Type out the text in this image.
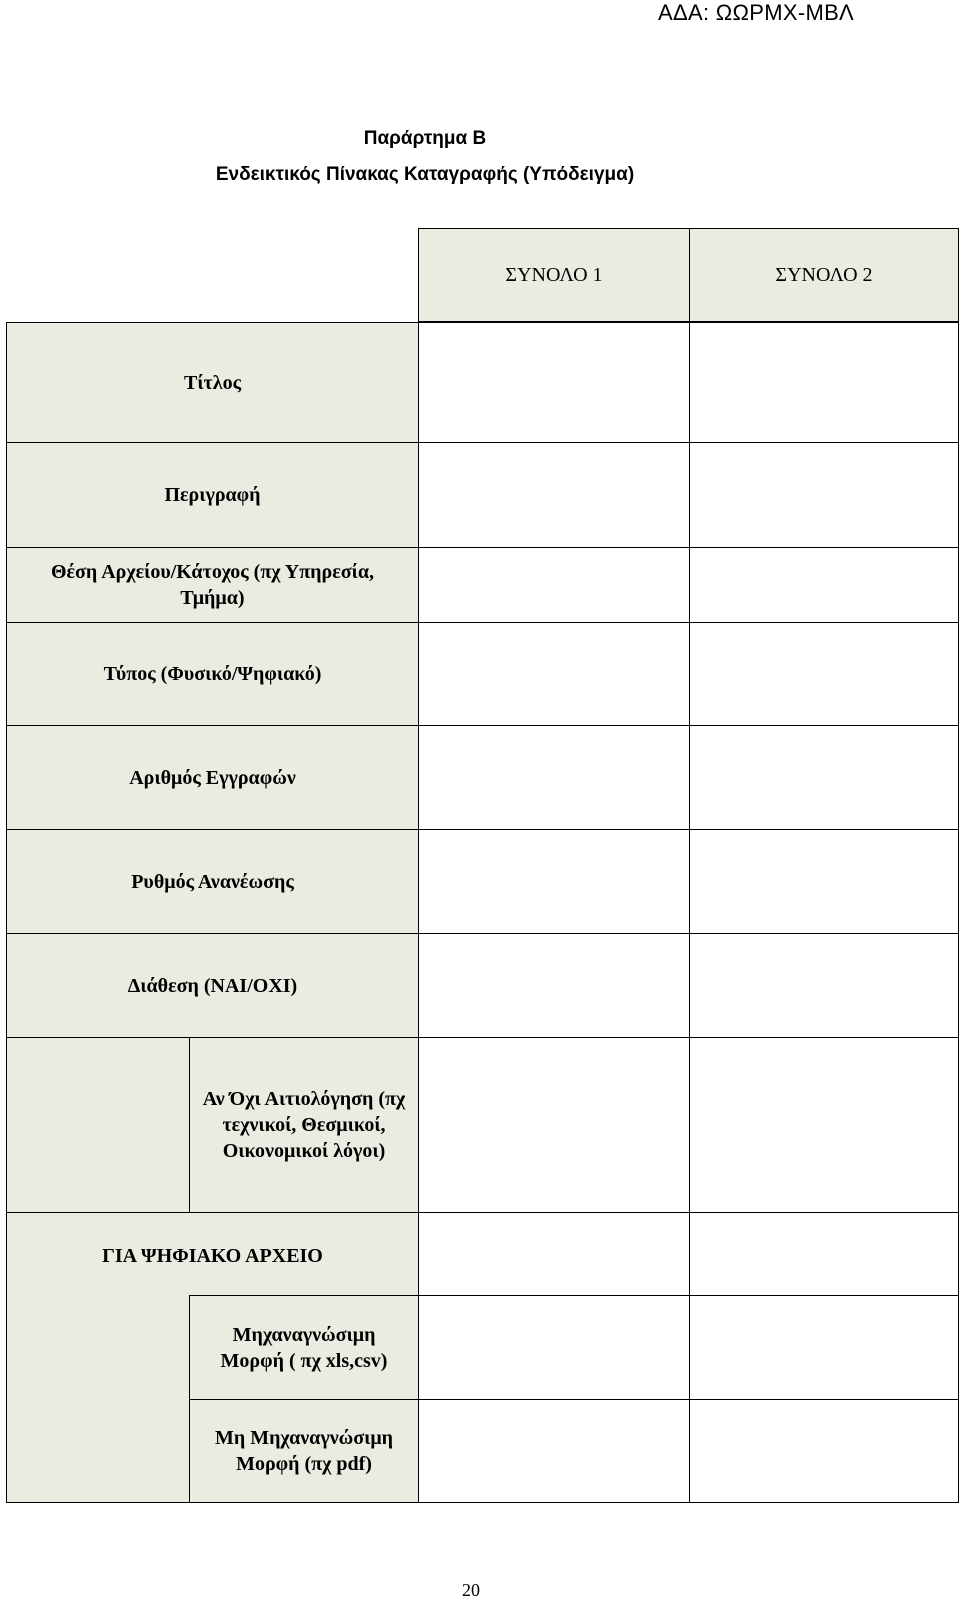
ΑΔΑ: ΩΩΡΜΧ-ΜΒΛ
Παράρτημα Β
Ενδεικτικός Πίνακας Καταγραφής (Υπόδειγμα)
ΣΥΝΟΛΟ 1	ΣΥΝΟΛΟ 2
Τίτλος
Περιγραφή
Θέση Αρχείου/Κάτοχος (πχ Υπηρεσία, Τμήμα)
Τύπος (Φυσικό/Ψηφιακό)
Αριθμός Εγγραφών
Ρυθμός Ανανέωσης
Διάθεση (ΝΑΙ/ΟΧΙ)
Αν Όχι Αιτιολόγηση (πχ τεχνικοί, Θεσμικοί, Οικονομικοί λόγοι)
ΓΙΑ ΨΗΦΙΑΚΟ ΑΡΧΕΙΟ
Μηχαναγνώσιμη Μορφή ( πχ xls,csv)
Μη Μηχαναγνώσιμη Μορφή (πχ pdf)
20
